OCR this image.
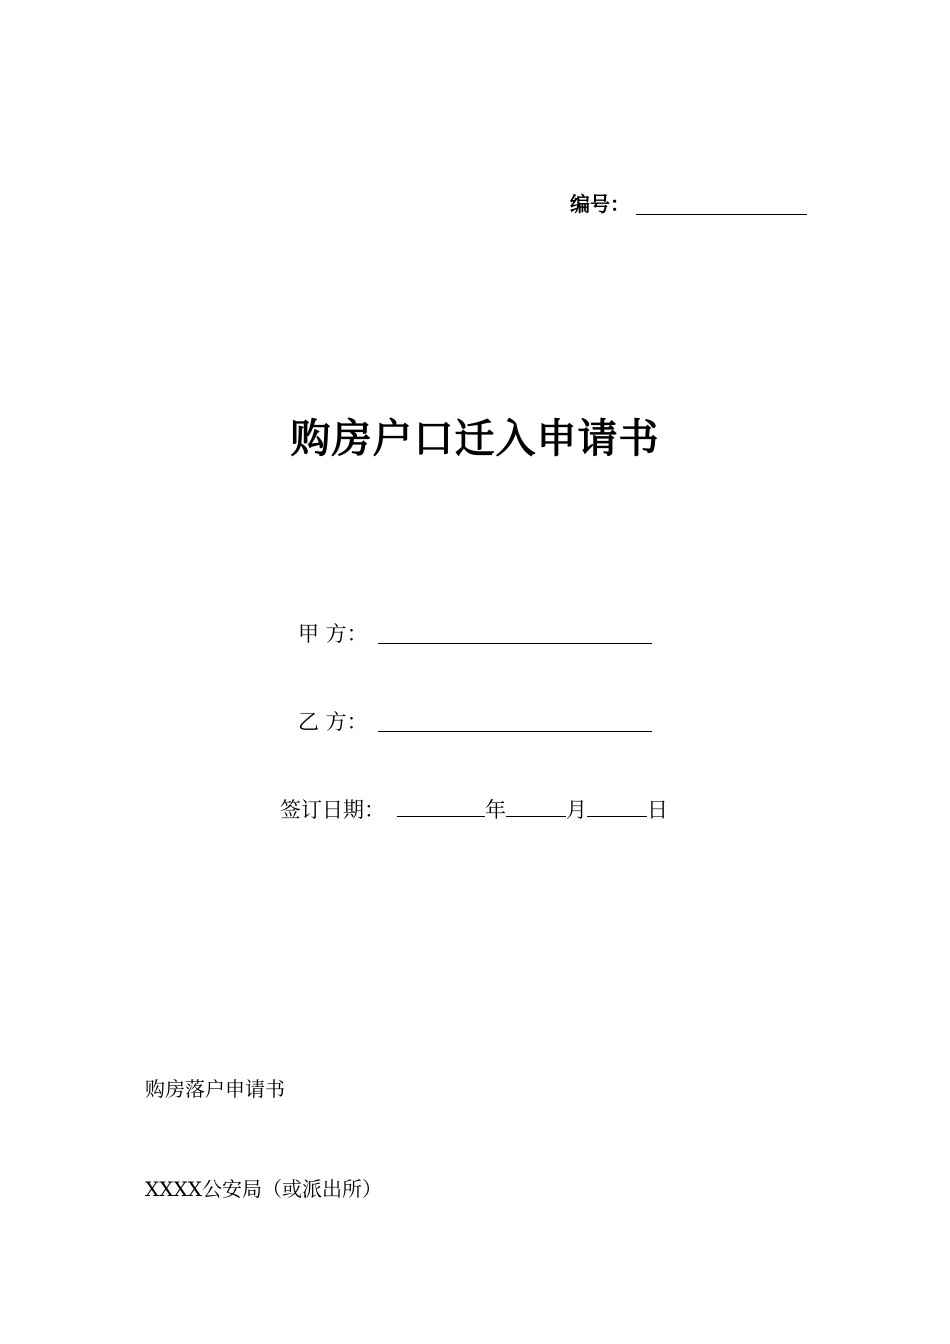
编号：
购房户口迁入申请书
甲 方：
乙 方：
签订日期：	年	月	日
购房落户申请书
XXXX公安局（或派出所）
